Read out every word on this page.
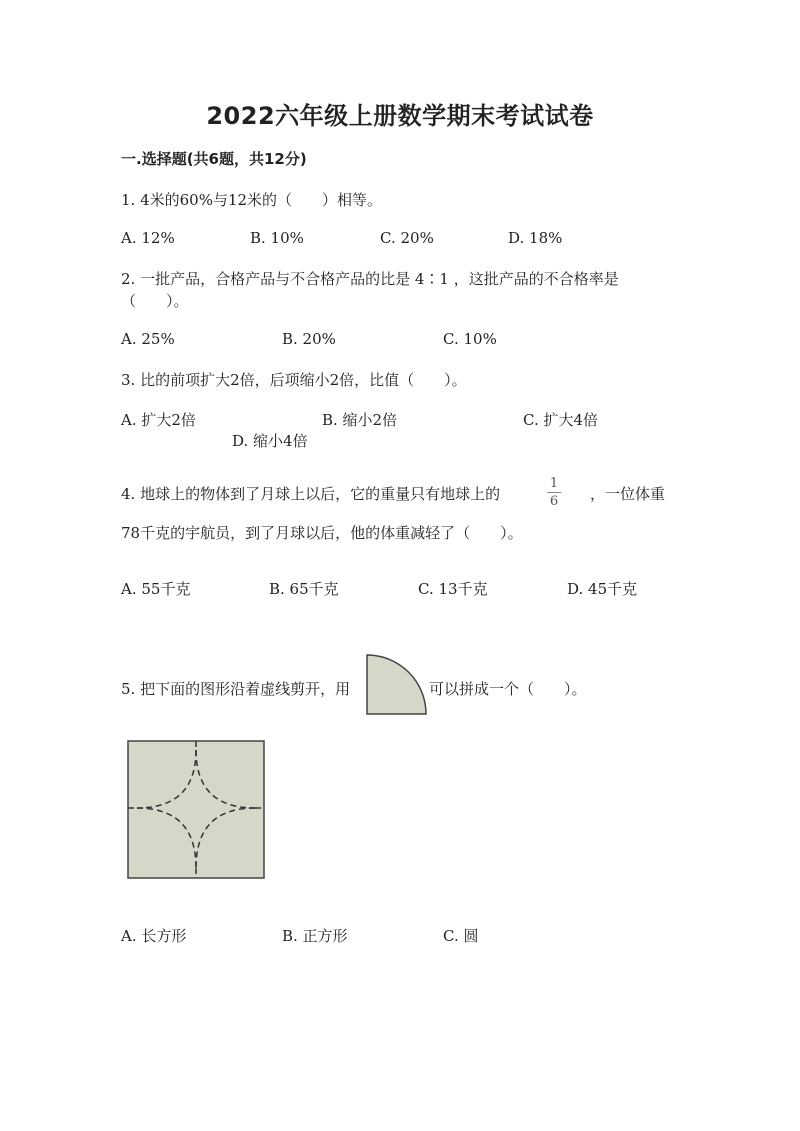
2022六年级上册数学期末考试试卷
一.选择题(共6题，共12分)
1. 4米的60%与12米的（　　）相等。
A. 12%	B. 10%	C. 20%	D. 18%
2. 一批产品，合格产品与不合格产品的比是 4∶1 ，这批产品的不合格率是
（　　）。
A. 25%	B. 20%	C. 10%
3. 比的前项扩大2倍，后项缩小2倍，比值（　　）。
A. 扩大2倍	B. 缩小2倍	C. 扩大4倍
D. 缩小4倍
4. 地球上的物体到了月球上以后，它的重量只有地球上的
1
6	，一位体重
78千克的宇航员，到了月球以后，他的体重减轻了（　　）。
A. 55千克	B. 65千克	C. 13千克	D. 45千克
5. 把下面的图形沿着虚线剪开，用	可以拼成一个（　　）。
A. 长方形	B. 正方形	C. 圆
